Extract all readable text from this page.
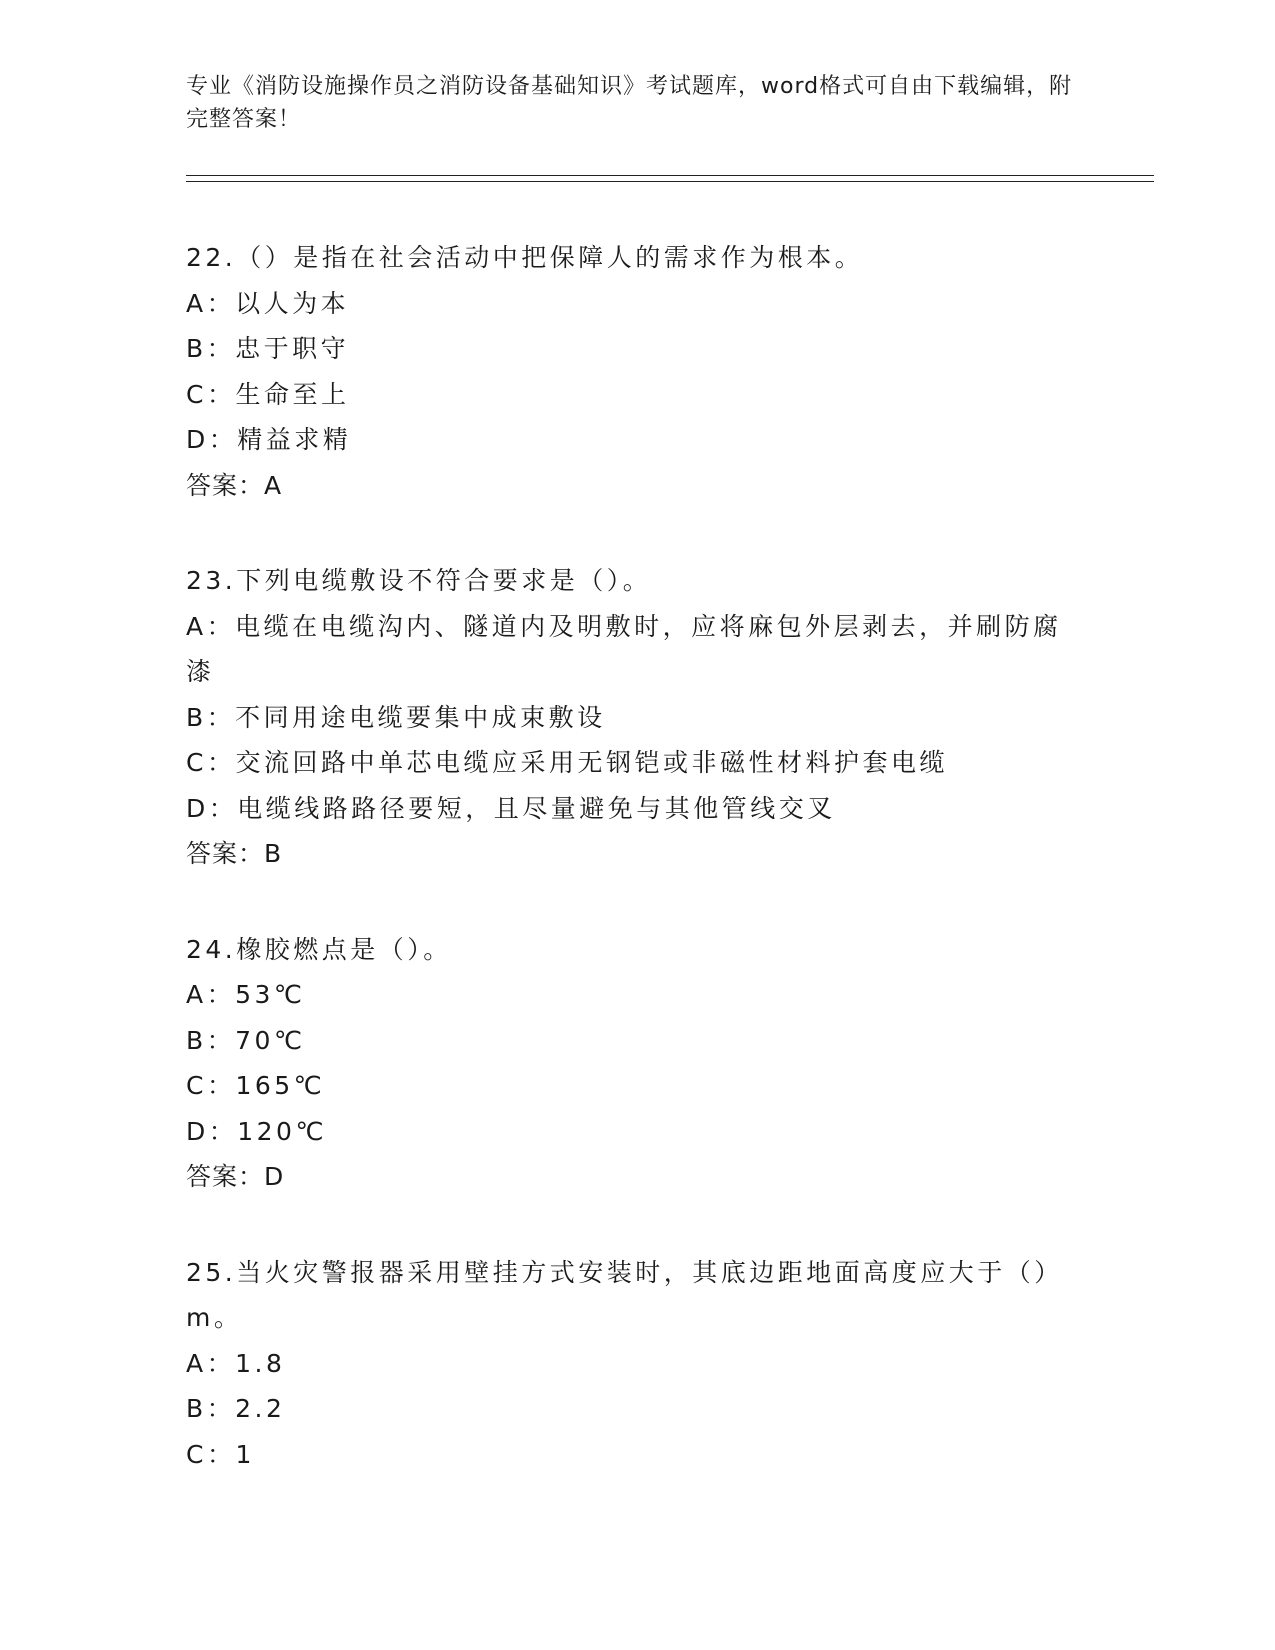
专业《消防设施操作员之消防设备基础知识》考试题库，word格式可自由下载编辑，附完整答案！
22.（）是指在社会活动中把保障人的需求作为根本。
A：以人为本
B：忠于职守
C：生命至上
D：精益求精
答案：A
23.下列电缆敷设不符合要求是（）。
A：电缆在电缆沟内、隧道内及明敷时，应将麻包外层剥去，并刷防腐漆
B：不同用途电缆要集中成束敷设
C：交流回路中单芯电缆应采用无钢铠或非磁性材料护套电缆
D：电缆线路路径要短，且尽量避免与其他管线交叉
答案：B
24.橡胶燃点是（）。
A：53℃
B：70℃
C：165℃
D：120℃
答案：D
25.当火灾警报器采用壁挂方式安装时，其底边距地面高度应大于（）m。
A：1.8
B：2.2
C：1
